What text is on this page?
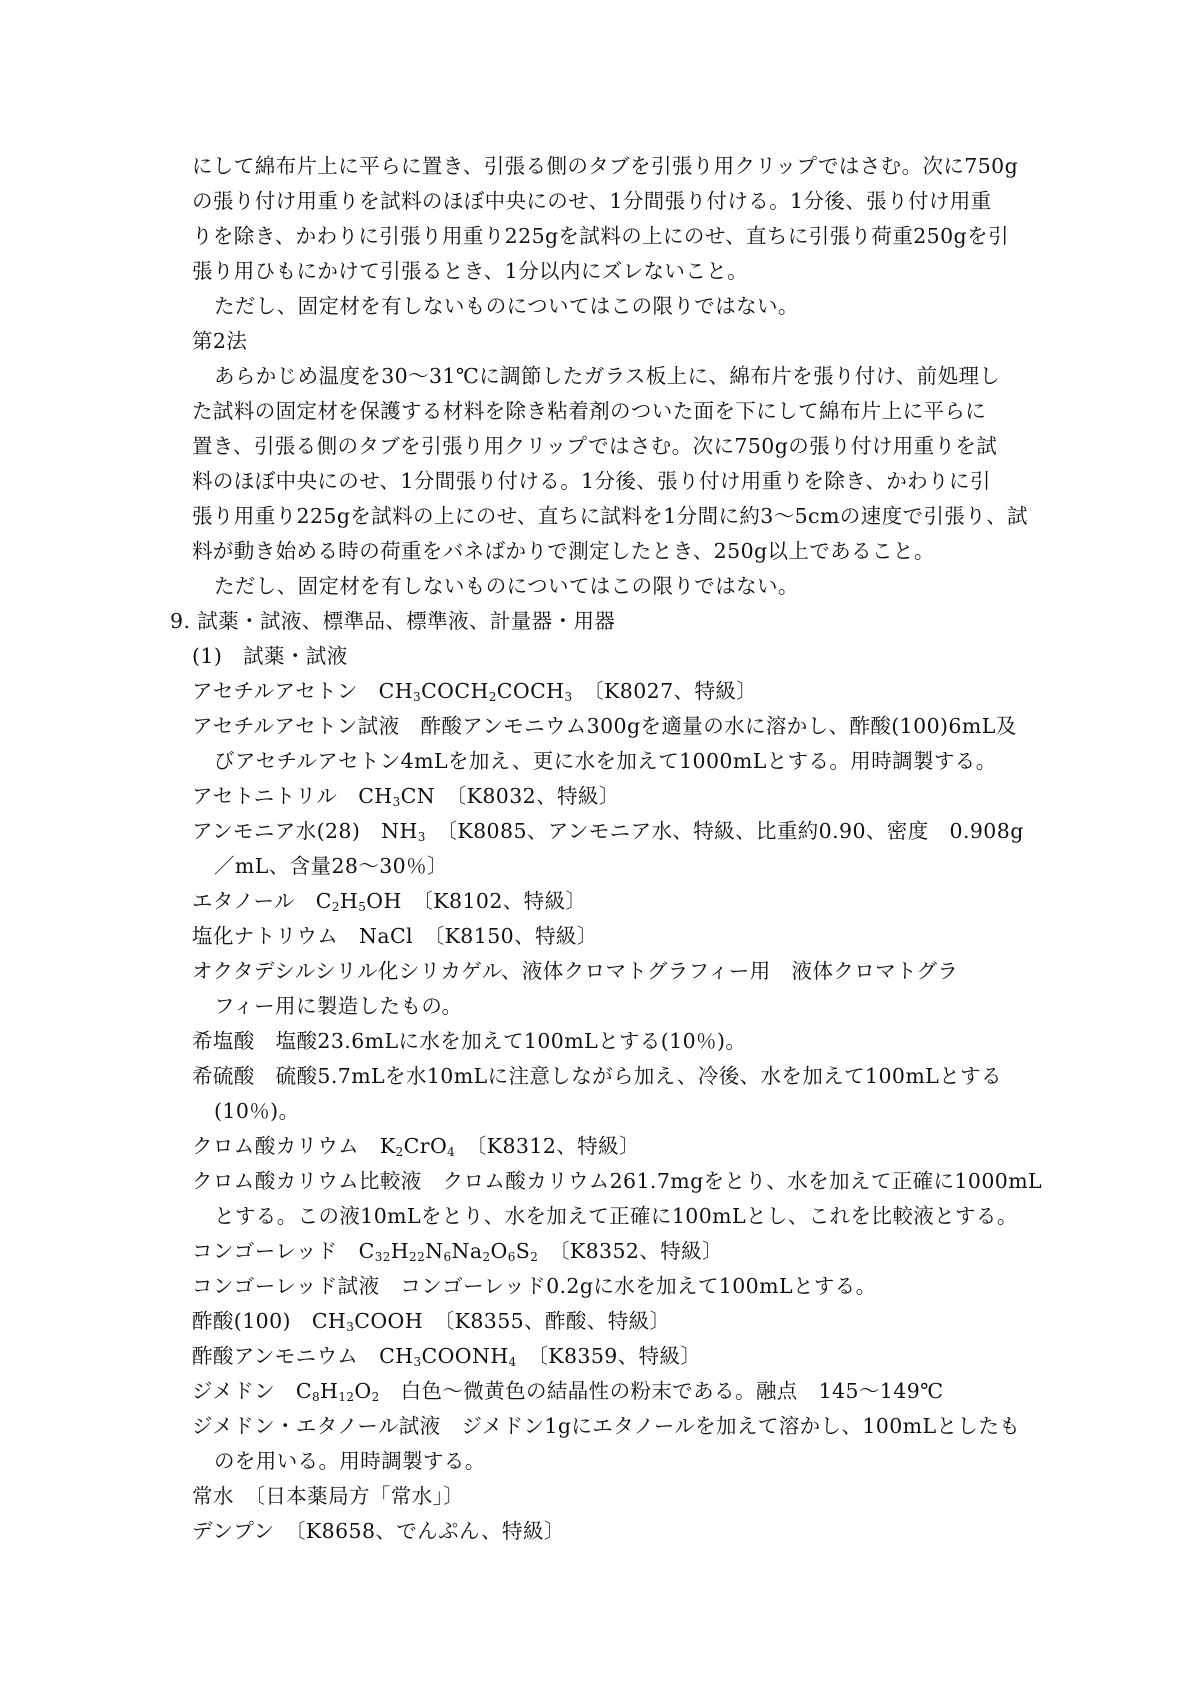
にして綿布片上に平らに置き、引張る側のタブを引張り用クリップではさむ。次に750g
の張り付け用重りを試料のほぼ中央にのせ、1分間張り付ける。1分後、張り付け用重
りを除き、かわりに引張り用重り225gを試料の上にのせ、直ちに引張り荷重250gを引
張り用ひもにかけて引張るとき、1分以内にズレないこと。
ただし、固定材を有しないものについてはこの限りではない。
第2法
あらかじめ温度を30～31℃に調節したガラス板上に、綿布片を張り付け、前処理し
た試料の固定材を保護する材料を除き粘着剤のついた面を下にして綿布片上に平らに
置き、引張る側のタブを引張り用クリップではさむ。次に750gの張り付け用重りを試
料のほぼ中央にのせ、1分間張り付ける。1分後、張り付け用重りを除き、かわりに引
張り用重り225gを試料の上にのせ、直ちに試料を1分間に約3～5cmの速度で引張り、試
料が動き始める時の荷重をバネばかりで測定したとき、250g以上であること。
ただし、固定材を有しないものについてはこの限りではない。
9. 試薬・試液、標準品、標準液、計量器・用器
(1)　試薬・試液
アセチルアセトン　 $CH_3COCH_2COCH_3$　 〔K8027、特級〕
アセチルアセトン試液　酢酸アンモニウム300gを適量の水に溶かし、酢酸(100)6mL及
びアセチルアセトン4mLを加え、更に水を加えて1000mLとする。用時調製する。
アセトニトリル　 $CH_3CN$　 〔K8032、特級〕
アンモニア水(28)　 $NH_3$　 〔K8085、アンモニア水、特級、比重約0.90、密度　0.908g
／mL、含量28～30％〕
エタノール　 $C_2H_5OH$　 〔K8102、特級〕
塩化ナトリウム　 NaCl　 〔K8150、特級〕
オクタデシルシリル化シリカゲル、液体クロマトグラフィー用　液体クロマトグラ
フィー用に製造したもの。
希塩酸　塩酸23.6mLに水を加えて100mLとする(10％)。
希硫酸　硫酸5.7mLを水10mLに注意しながら加え、冷後、水を加えて100mLとする
(10％)。
クロム酸カリウム　 $K_2CrO_4$　 〔K8312、特級〕
クロム酸カリウム比較液　クロム酸カリウム261.7mgをとり、水を加えて正確に1000mL
とする。この液10mLをとり、水を加えて正確に100mLとし、これを比較液とする。
コンゴーレッド　 $C_{32}H_{22}N_6Na_2O_6S_2$　 〔K8352、特級〕
コンゴーレッド試液　コンゴーレッド0.2gに水を加えて100mLとする。
酢酸(100)　 $CH_3COOH$　 〔K8355、酢酸、特級〕
酢酸アンモニウム　 $CH_3COONH_4$　 〔K8359、特級〕
ジメドン　 $C_8H_{12}O_2$　 白色～微黄色の結晶性の粉末である。融点　145～149℃
ジメドン・エタノール試液　ジメドン1gにエタノールを加えて溶かし、100mLとしたも
のを用いる。用時調製する。
常水　 〔日本薬局方「常水」〕
デンプン　 〔K8658、でんぷん、特級〕
